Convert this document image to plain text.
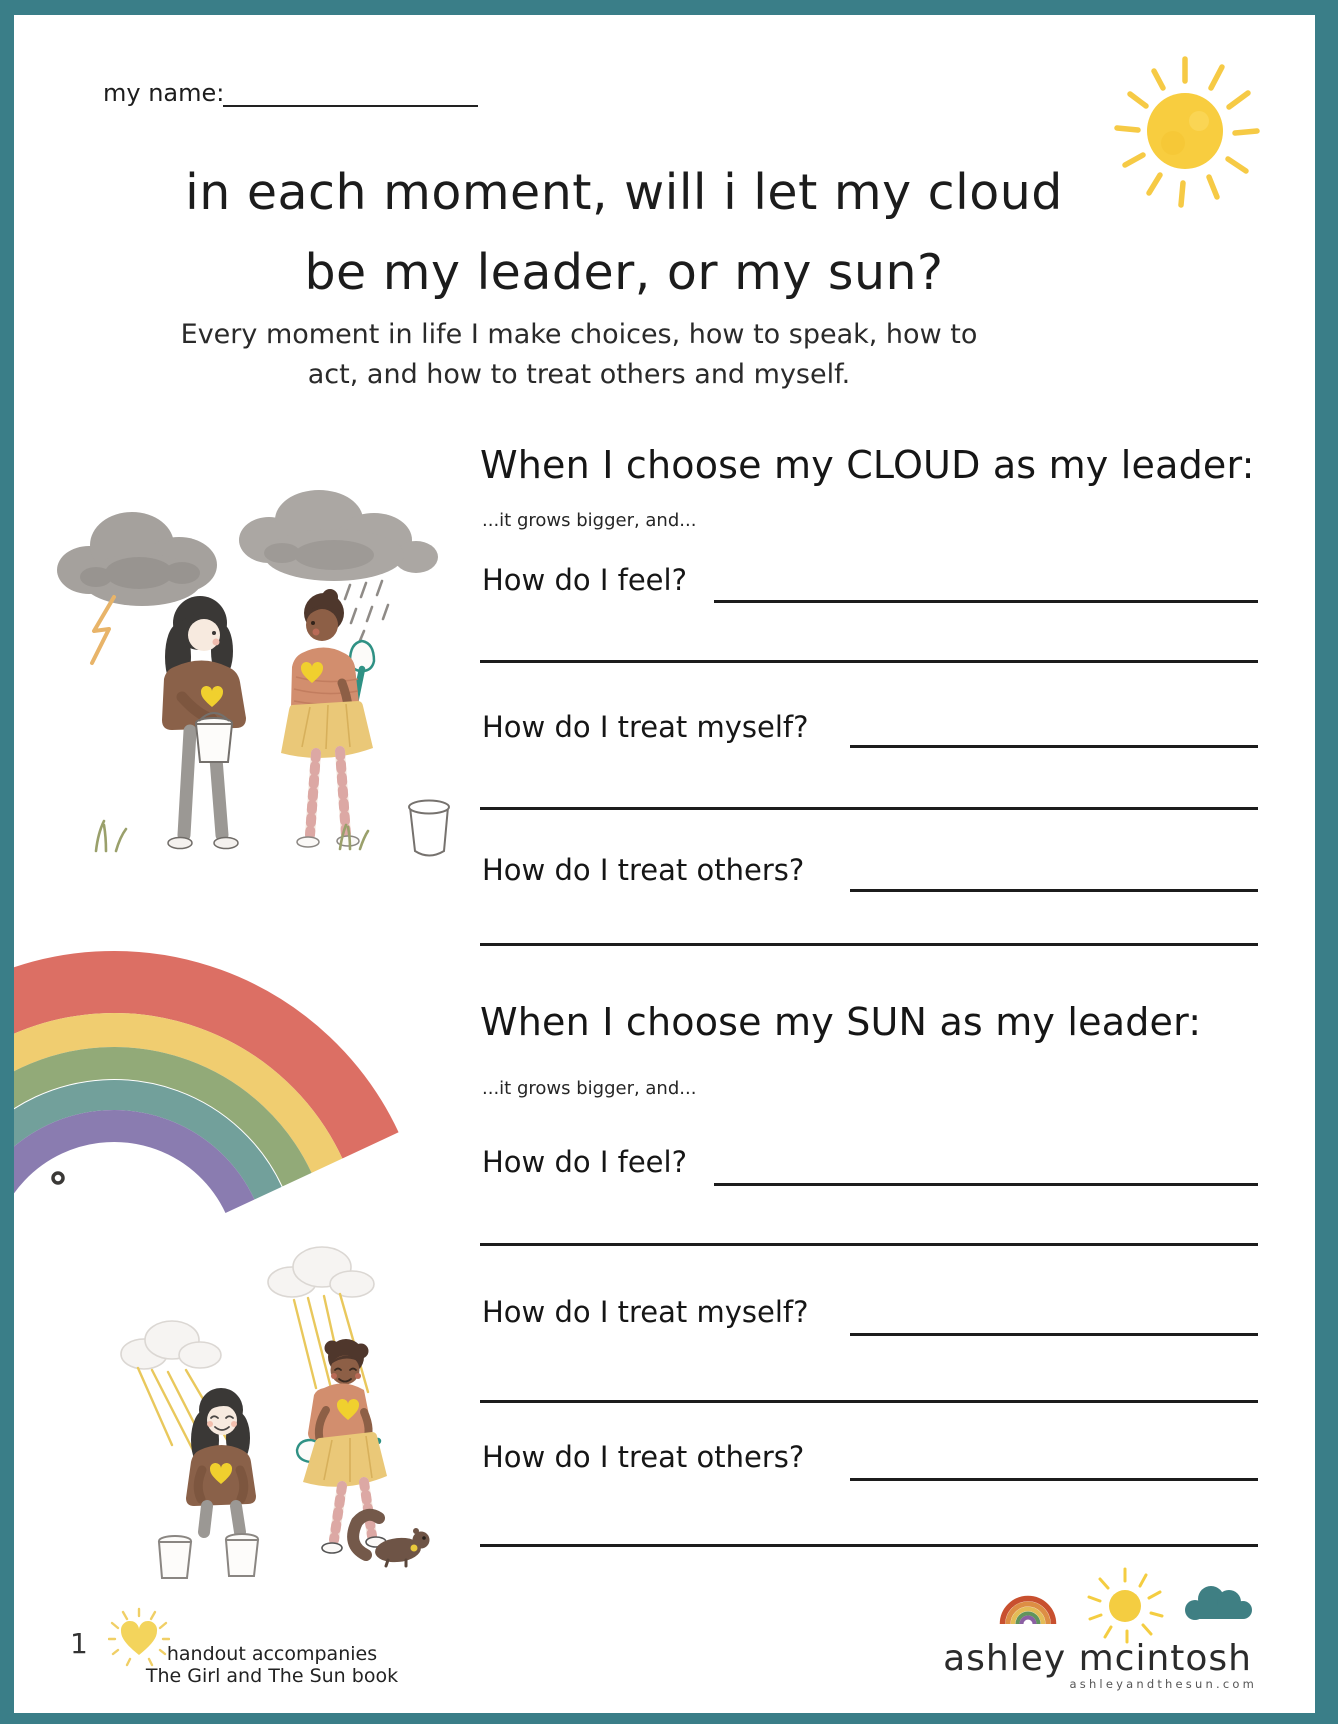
my name:
in each moment, will i let my cloud
be my leader, or my sun?
Every moment in life I make choices, how to speak, how to
act, and how to treat others and myself.
When I choose my CLOUD as my leader:
...it grows bigger, and...
How do I feel?
How do I treat myself?
How do I treat others?
When I choose my SUN as my leader:
...it grows bigger, and...
How do I feel?
How do I treat myself?
How do I treat others?
1	handout accompanies
The Girl and The Sun book	ashley mcintosh
ashleyandthesun.com
